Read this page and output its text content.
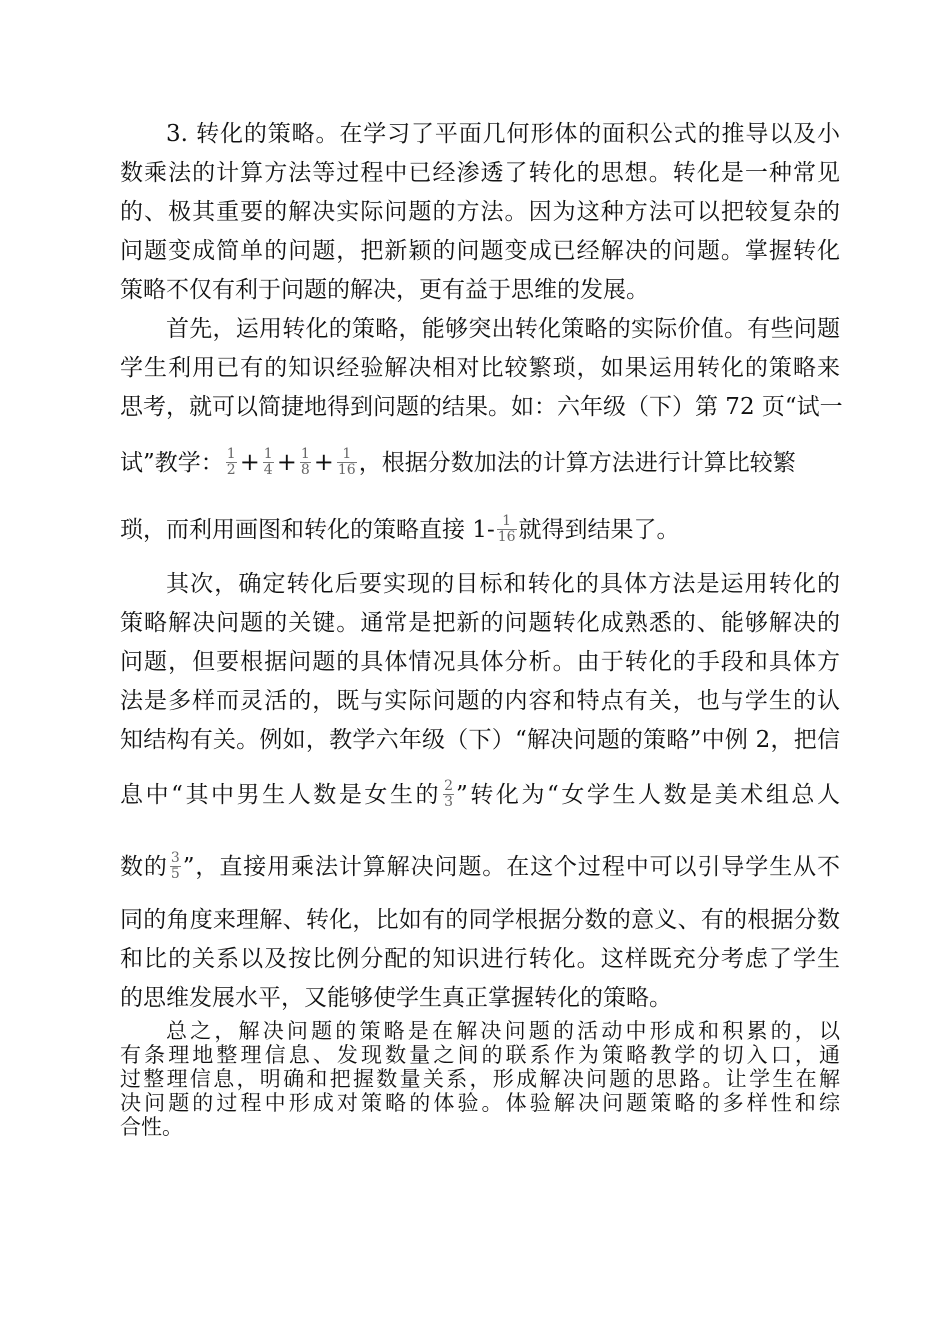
3. 转化的策略。在学习了平面几何形体的面积公式的推导以及小
数乘法的计算方法等过程中已经渗透了转化的思想。转化是一种常见
的、极其重要的解决实际问题的方法。因为这种方法可以把较复杂的
问题变成简单的问题，把新颖的问题变成已经解决的问题。掌握转化
策略不仅有利于问题的解决，更有益于思维的发展。
首先，运用转化的策略，能够突出转化策略的实际价值。有些问题
学生利用已有的知识经验解决相对比较繁琐，如果运用转化的策略来
思考，就可以简捷地得到问题的结果。如：六年级（下）第 72 页“试一
试”教学： $\frac{1}{2} + \frac{1}{4} + \frac{1}{8} + \frac{1}{16}$ ，根据分数加法的计算方法进行计算比较繁
琐，而利用画图和转化的策略直接 $1- \frac{1}{16}$ 就得到结果了。
其次，确定转化后要实现的目标和转化的具体方法是运用转化的
策略解决问题的关键。通常是把新的问题转化成熟悉的、能够解决的
问题，但要根据问题的具体情况具体分析。由于转化的手段和具体方
法是多样而灵活的，既与实际问题的内容和特点有关，也与学生的认
知结构有关。例如，教学六年级（下）“解决问题的策略”中例 2，把信
息中“其中男生人数是女生的 $\frac{2}{3}$ ”转化为“女学生人数是美术组总人
数的 $\frac{3}{5}$ ”，直接用乘法计算解决问题。在这个过程中可以引导学生从不
同的角度来理解、转化，比如有的同学根据分数的意义、有的根据分数
和比的关系以及按比例分配的知识进行转化。这样既充分考虑了学生
的思维发展水平，又能够使学生真正掌握转化的策略。
总之，解决问题的策略是在解决问题的活动中形成和积累的，以
有条理地整理信息、发现数量之间的联系作为策略教学的切入口，通
过整理信息，明确和把握数量关系，形成解决问题的思路。让学生在解
决问题的过程中形成对策略的体验。体验解决问题策略的多样性和综
合性。
